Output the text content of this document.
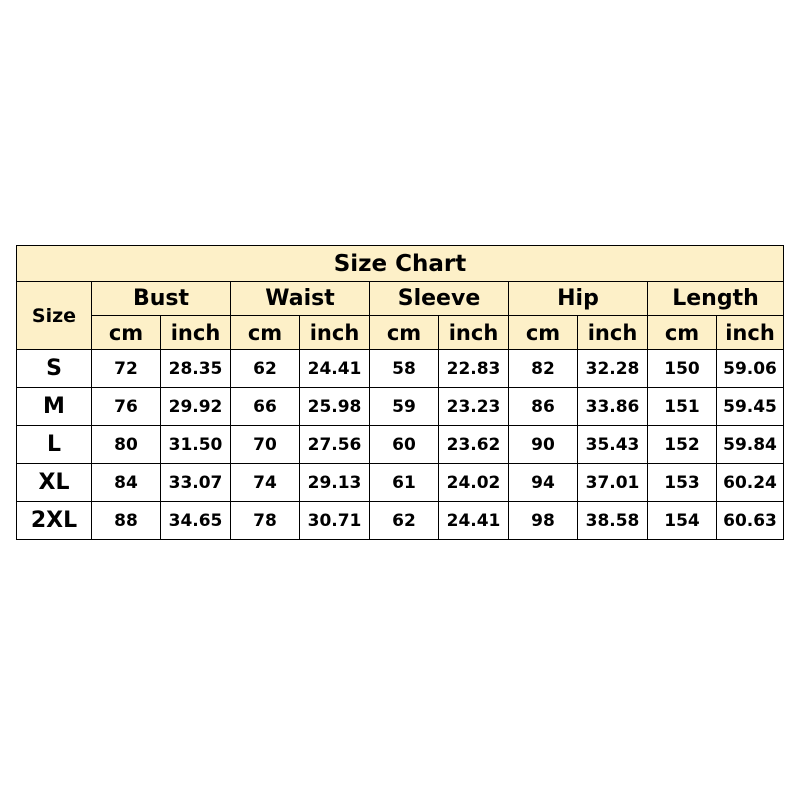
Size Chart										
Size	Bust		Waist		Sleeve		Hip		Length	
	cm	inch	cm	inch	cm	inch	cm	inch	cm	inch
S	72	28.35	62	24.41	58	22.83	82	32.28	150	59.06
M	76	29.92	66	25.98	59	23.23	86	33.86	151	59.45
L	80	31.50	70	27.56	60	23.62	90	35.43	152	59.84
XL	84	33.07	74	29.13	61	24.02	94	37.01	153	60.24
2XL	88	34.65	78	30.71	62	24.41	98	38.58	154	60.63
